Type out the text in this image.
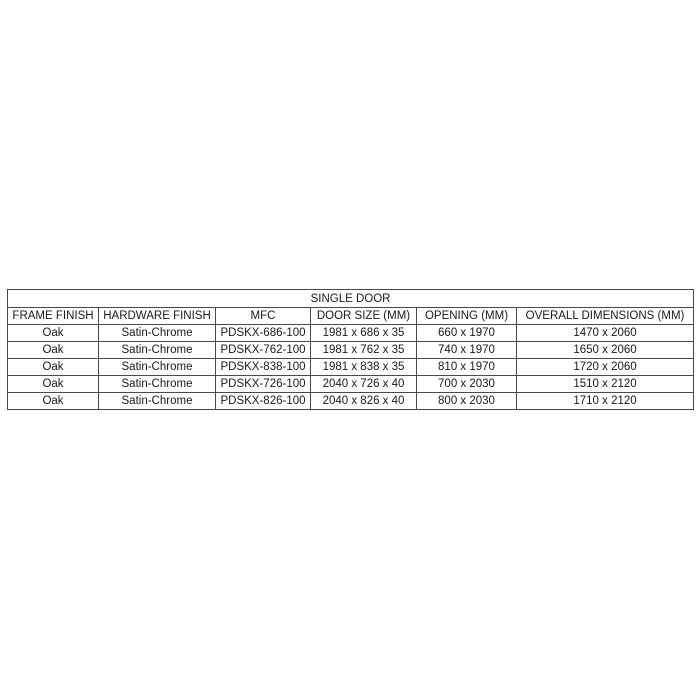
SINGLE DOOR					
FRAME FINISH	HARDWARE FINISH	MFC	DOOR SIZE (MM)	OPENING (MM)	OVERALL DIMENSIONS (MM)
Oak	Satin-Chrome	PDSKX-686-100	1981 x 686 x 35	660 x 1970	1470 x 2060
Oak	Satin-Chrome	PDSKX-762-100	1981 x 762 x 35	740 x 1970	1650 x 2060
Oak	Satin-Chrome	PDSKX-838-100	1981 x 838 x 35	810 x 1970	1720 x 2060
Oak	Satin-Chrome	PDSKX-726-100	2040 x 726 x 40	700 x 2030	1510 x 2120
Oak	Satin-Chrome	PDSKX-826-100	2040 x 826 x 40	800 x 2030	1710 x 2120
